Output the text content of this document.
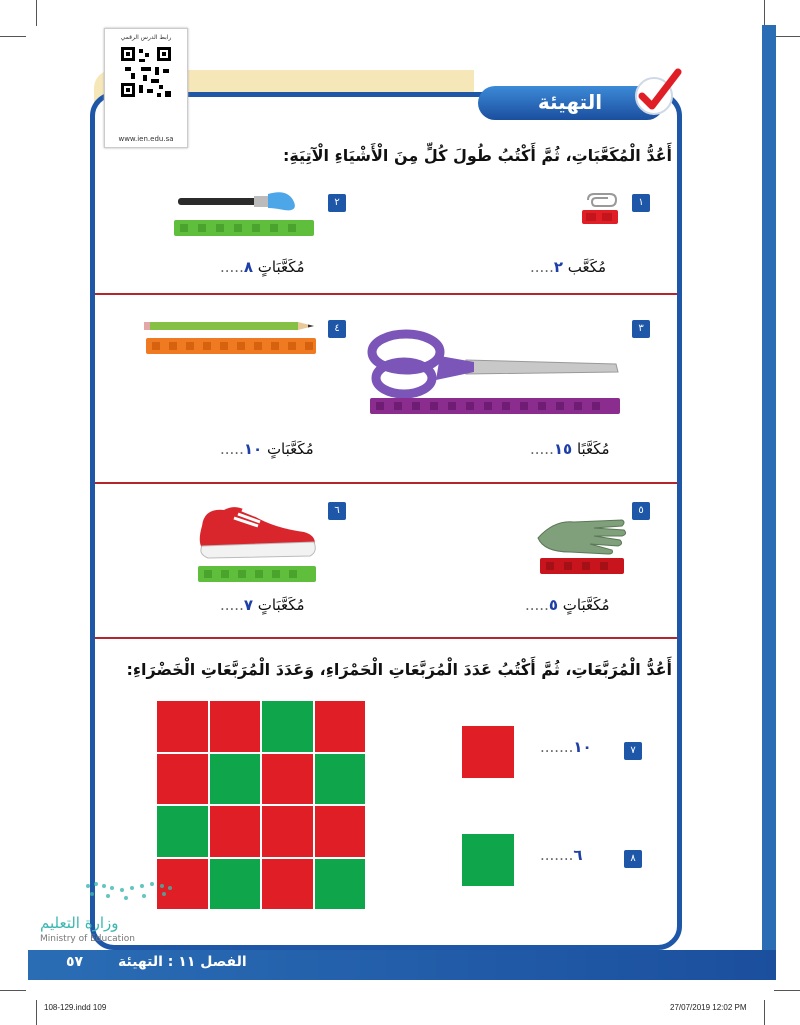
التهيئة
رابط الدرس الرقمي
www.ien.edu.sa
أَعُدُّ الْمُكَعَّبَاتِ، ثُمَّ أَكْتُبُ طُولَ كُلٍّ مِنَ الْأَشْيَاءِ الْآتِيَةِ:
١
مُكَعَّب ٢.....
٢
مُكَعَّبَاتٍ ٨.....
٣
مُكَعَّبًا ١٥.....
٤
مُكَعَّبَاتٍ ١٠.....
٥
مُكَعَّبَاتٍ ٥.....
٦
مُكَعَّبَاتٍ ٧.....
أَعُدُّ الْمُرَبَّعَاتِ، ثُمَّ أَكْتُبُ عَدَدَ الْمُرَبَّعَاتِ الْحَمْرَاءِ، وَعَدَدَ الْمُرَبَّعَاتِ الْخَضْرَاءِ:
٧
١٠.......
٨
٦.......
وزارة التعليم
Ministry of Education
٥٧ الفصل ١١ : التهيئة
108-129.indd 109	27/07/2019 12:02 PM
